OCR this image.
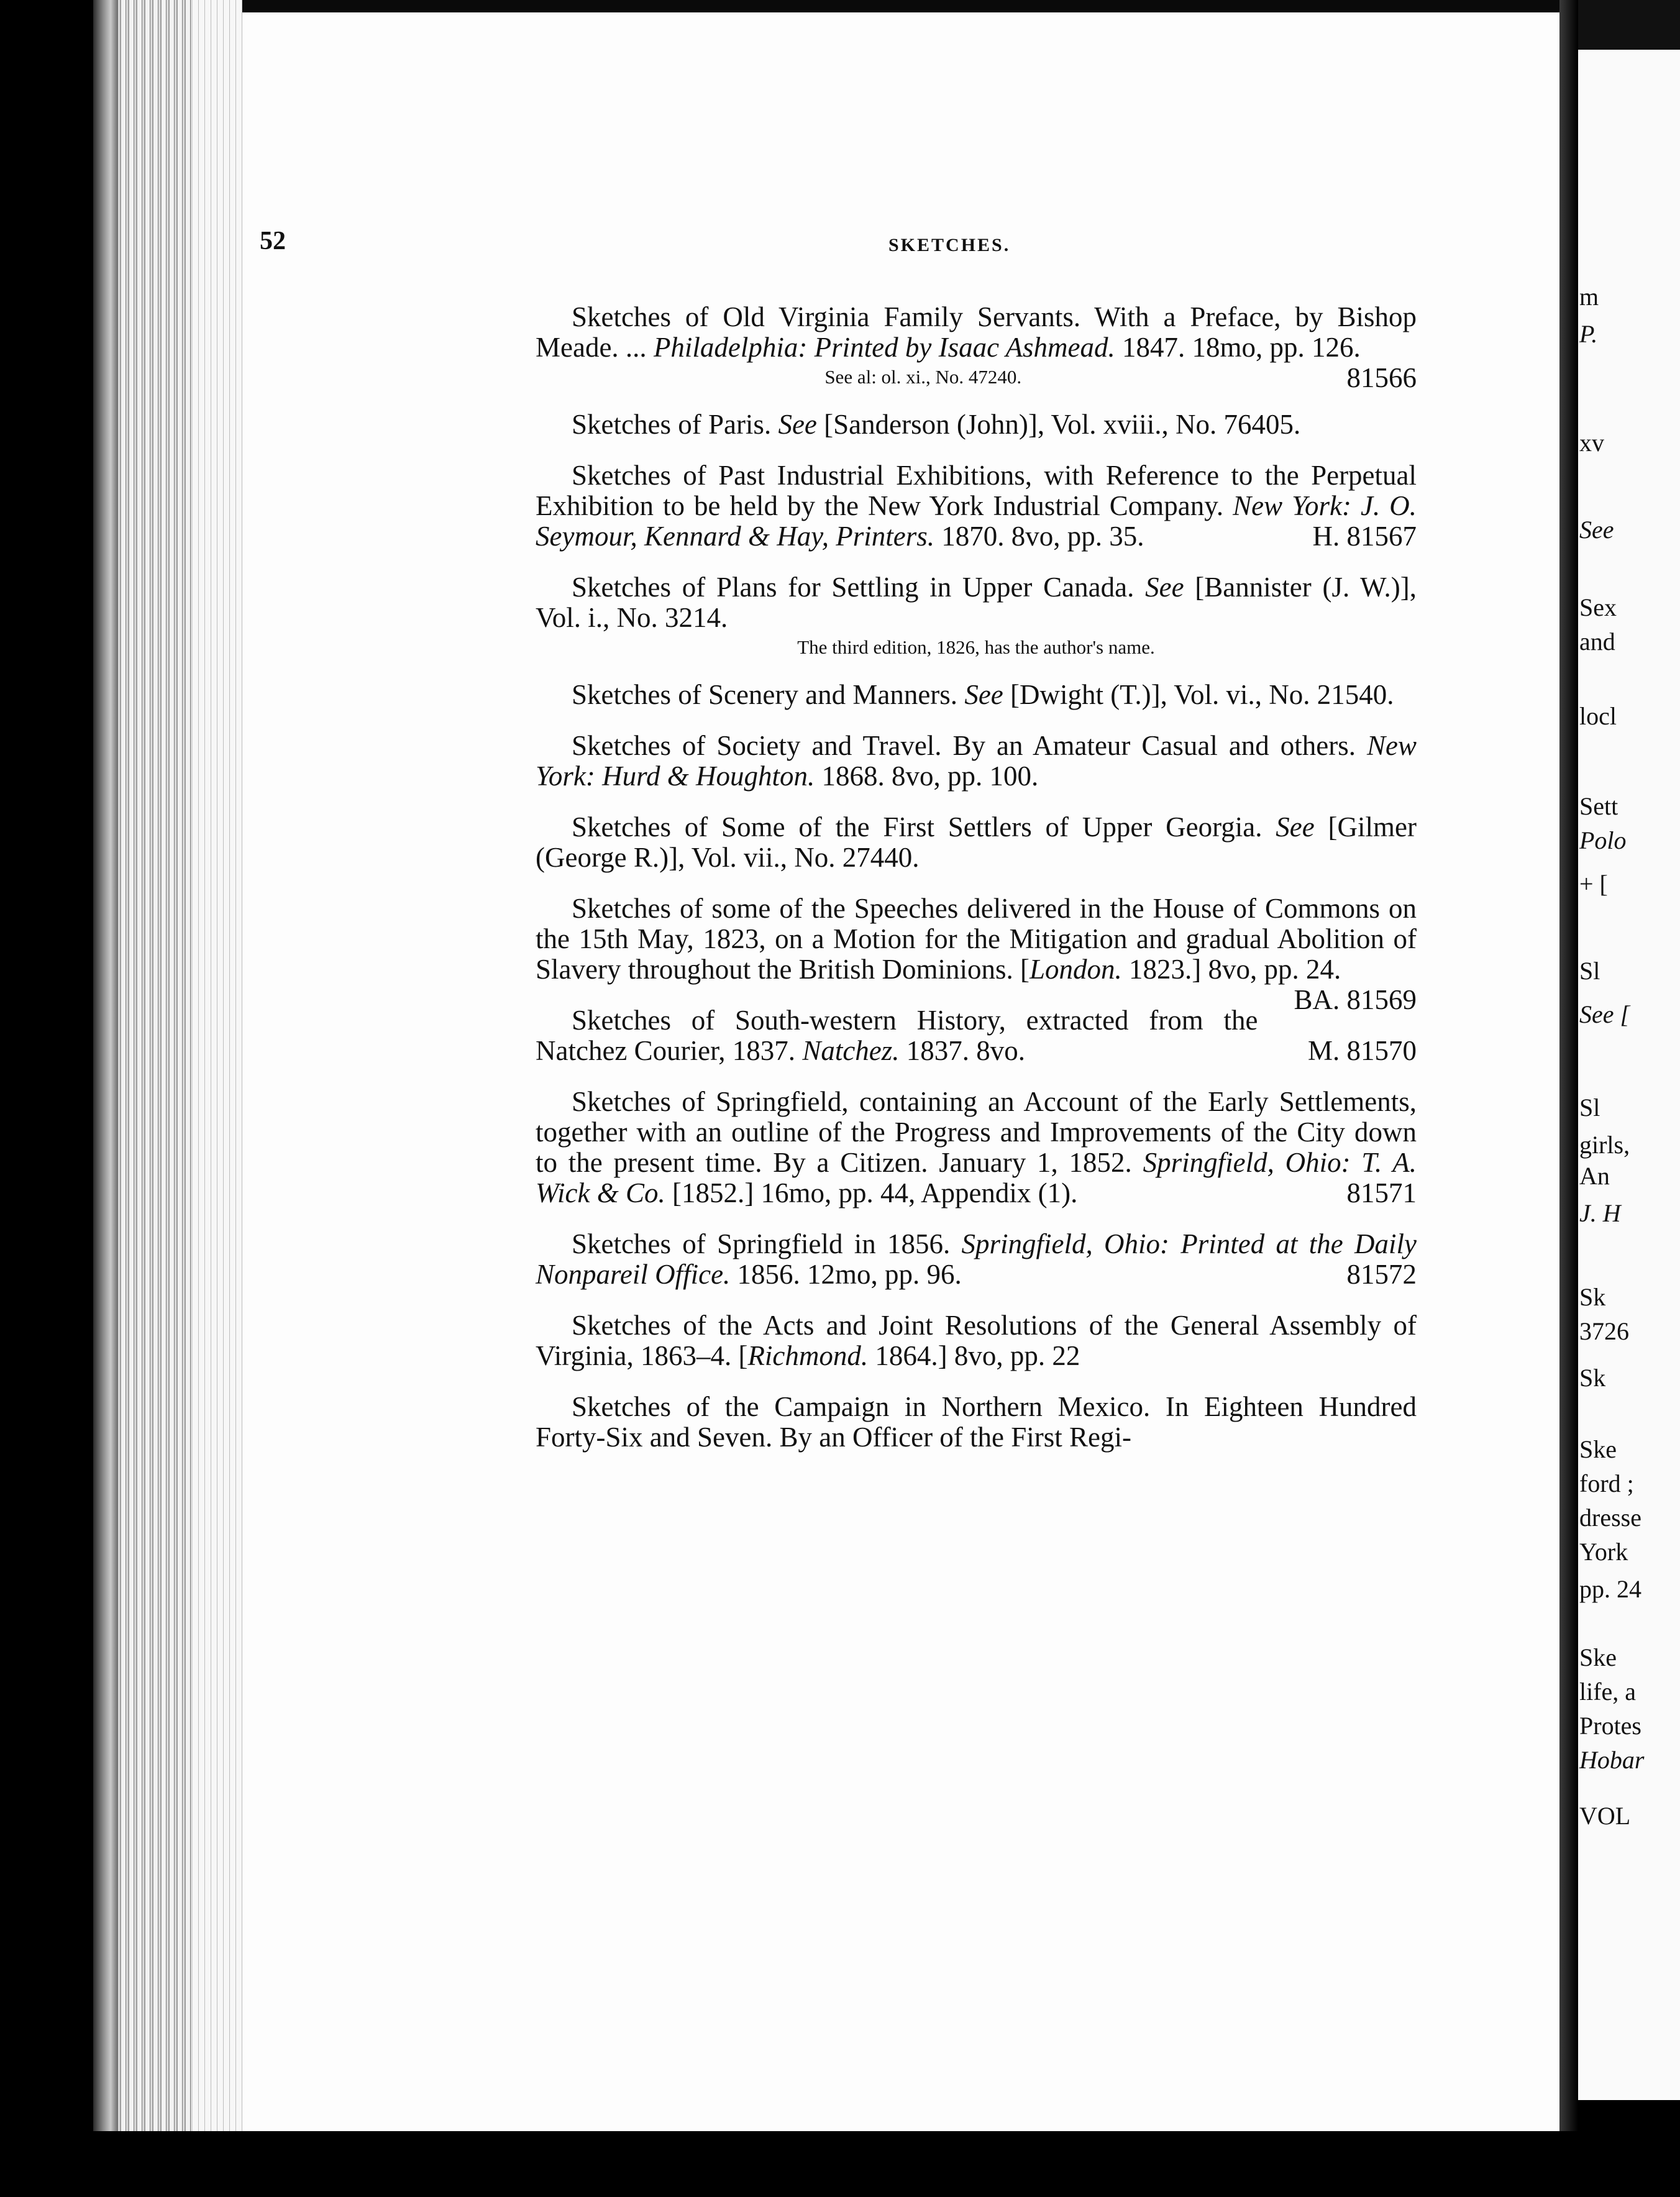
m
P.
xv
See
Sex
and
locl
Sett
Polo
+ [
Sl
See [
Sl
girls,
An
J. H
Sk
3726
Sk
Ske
ford ;
dresse
York
pp. 24
Ske
life, a
Protes
Hobar
VOL
52	SKETCHES.

Sketches of Old Virginia Family Servants. With a Preface, by Bishop Meade. ... Philadelphia: Printed by Isaac Ashmead. 1847. 18mo, pp. 126.
81566

See al: ol. xi., No. 47240.

Sketches of Paris. See [Sanderson (John)], Vol. xviii., No. 76405.

Sketches of Past Industrial Exhibitions, with Reference to the Perpetual Exhibition to be held by the New York Industrial Company. New York: J. O. Seymour, Kennard & Hay, Printers. 1870. 8vo, pp. 35.	H. 81567

Sketches of Plans for Settling in Upper Canada. See [Bannister (J. W.)], Vol. i., No. 3214.

The third edition, 1826, has the author's name.

Sketches of Scenery and Manners. See [Dwight (T.)], Vol. vi., No. 21540.

Sketches of Society and Travel. By an Amateur Casual and others. New York: Hurd & Houghton. 1868. 8vo, pp. 100.

Sketches of Some of the First Settlers of Upper Georgia. See [Gilmer (George R.)], Vol. vii., No. 27440.

Sketches of some of the Speeches delivered in the House of Commons on the 15th May, 1823, on a Motion for the Mitigation and gradual Abolition of Slavery throughout the British Dominions. [London. 1823.] 8vo, pp. 24.
BA. 81569

Sketches of South-western History, extracted from the Natchez Courier, 1837. Natchez. 1837. 8vo.	M. 81570

Sketches of Springfield, containing an Account of the Early Settlements, together with an outline of the Progress and Improvements of the City down to the present time. By a Citizen. January 1, 1852. Springfield, Ohio: T. A. Wick & Co. [1852.] 16mo, pp. 44, Appendix (1).	81571

Sketches of Springfield in 1856. Springfield, Ohio: Printed at the Daily Nonpareil Office. 1856. 12mo, pp. 96.	81572

Sketches of the Acts and Joint Resolutions of the General Assembly of Virginia, 1863–4. [Richmond. 1864.] 8vo, pp. 22

Sketches of the Campaign in Northern Mexico. In Eighteen Hundred Forty-Six and Seven. By an Officer of the First Regi-
